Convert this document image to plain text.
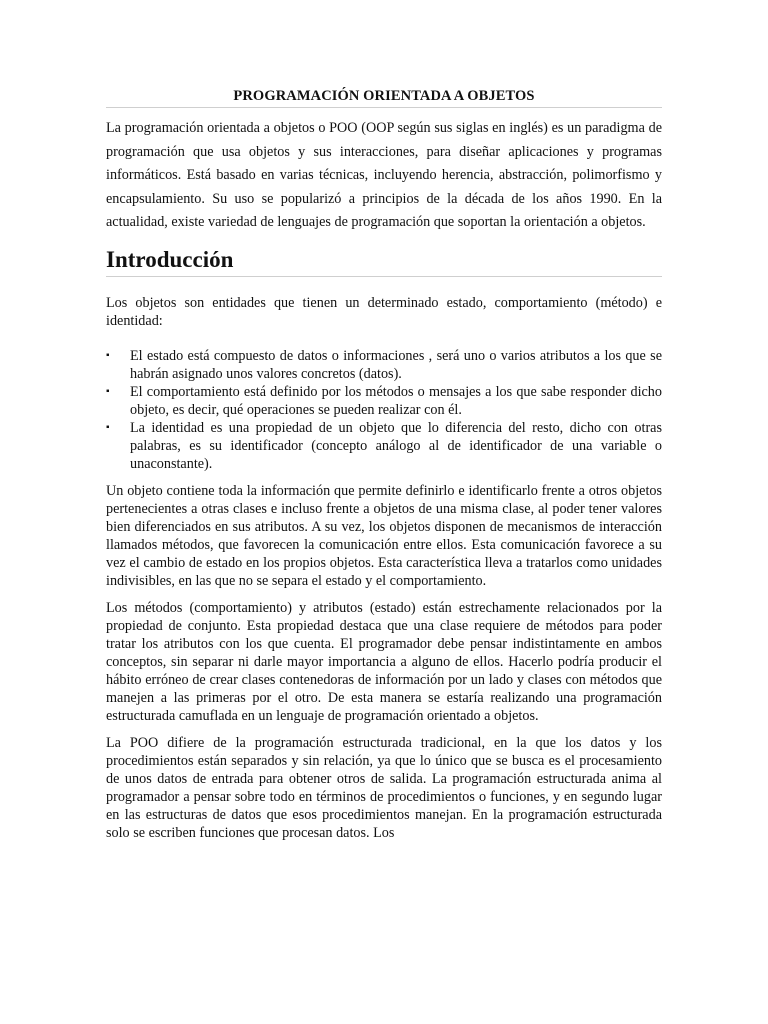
PROGRAMACIÓN ORIENTADA A OBJETOS

La programación orientada a objetos o POO (OOP según sus siglas en inglés) es un paradigma de programación que usa objetos y sus interacciones, para diseñar aplicaciones y programas informáticos. Está basado en varias técnicas, incluyendo herencia, abstracción, polimorfismo y encapsulamiento. Su uso se popularizó a principios de la década de los años 1990. En la actualidad, existe variedad de lenguajes de programación que soportan la orientación a objetos.

Introducción

Los objetos son entidades que tienen un determinado estado, comportamiento (método) e identidad:

▪ El estado está compuesto de datos o informaciones , será uno o varios atributos a los que se habrán asignado unos valores concretos (datos).
▪ El comportamiento está definido por los métodos o mensajes a los que sabe responder dicho objeto, es decir, qué operaciones se pueden realizar con él.
▪ La identidad es una propiedad de un objeto que lo diferencia del resto, dicho con otras palabras, es su identificador (concepto análogo al de identificador de una variable o unaconstante).

Un objeto contiene toda la información que permite definirlo e identificarlo frente a otros objetos pertenecientes a otras clases e incluso frente a objetos de una misma clase, al poder tener valores bien diferenciados en sus atributos. A su vez, los objetos disponen de mecanismos de interacción llamados métodos, que favorecen la comunicación entre ellos. Esta comunicación favorece a su vez el cambio de estado en los propios objetos. Esta característica lleva a tratarlos como unidades indivisibles, en las que no se separa el estado y el comportamiento.

Los métodos (comportamiento) y atributos (estado) están estrechamente relacionados por la propiedad de conjunto. Esta propiedad destaca que una clase requiere de métodos para poder tratar los atributos con los que cuenta. El programador debe pensar indistintamente en ambos conceptos, sin separar ni darle mayor importancia a alguno de ellos. Hacerlo podría producir el hábito erróneo de crear clases contenedoras de información por un lado y clases con métodos que manejen a las primeras por el otro. De esta manera se estaría realizando una programación estructurada camuflada en un lenguaje de programación orientado a objetos.

La POO difiere de la programación estructurada tradicional, en la que los datos y los procedimientos están separados y sin relación, ya que lo único que se busca es el procesamiento de unos datos de entrada para obtener otros de salida. La programación estructurada anima al programador a pensar sobre todo en términos de procedimientos o funciones, y en segundo lugar en las estructuras de datos que esos procedimientos manejan. En la programación estructurada solo se escriben funciones que procesan datos. Los
